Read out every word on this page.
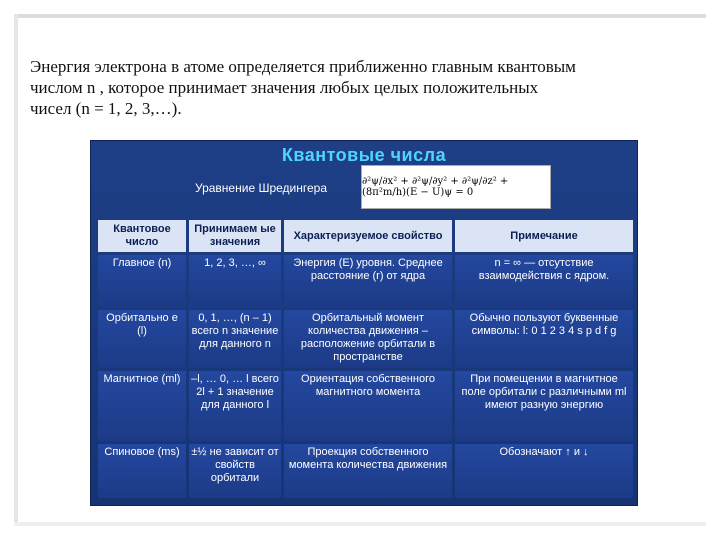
Энергия электрона в атоме определяется приближенно главным квантовым
числом n , которое принимает значения любых целых положительных
чисел (n = 1, 2, 3,…).
Квантовые числа
Уравнение Шредингера	∂²ψ/∂x² + ∂²ψ/∂y² + ∂²ψ/∂z² + (8π²m/h)(E − U)ψ = 0
Квантовое число	Принимаем ые значения	Характеризуемое свойство	Примечание
Главное (n)	1, 2, 3, …, ∞	Энергия (E) уровня. Среднее расстояние (r) от ядра	n = ∞ — отсутствие взаимодействия с ядром.
Орбитально е (l)	0, 1, …, (n – 1) всего n значение для данного n	Орбитальный момент количества движения – расположение орбитали в пространстве	Обычно пользуют буквенные символы: l: 0 1 2 3 4 s p d f g
Магнитное (ml)	–l, … 0, … l всего 2l + 1 значение для данного l	Ориентация собственного магнитного момента	При помещении в магнитное поле орбитали с различными ml имеют разную энергию
Спиновое (ms)	±½ не зависит от свойств орбитали	Проекция собственного момента количества движения	Обозначают ↑ и ↓
